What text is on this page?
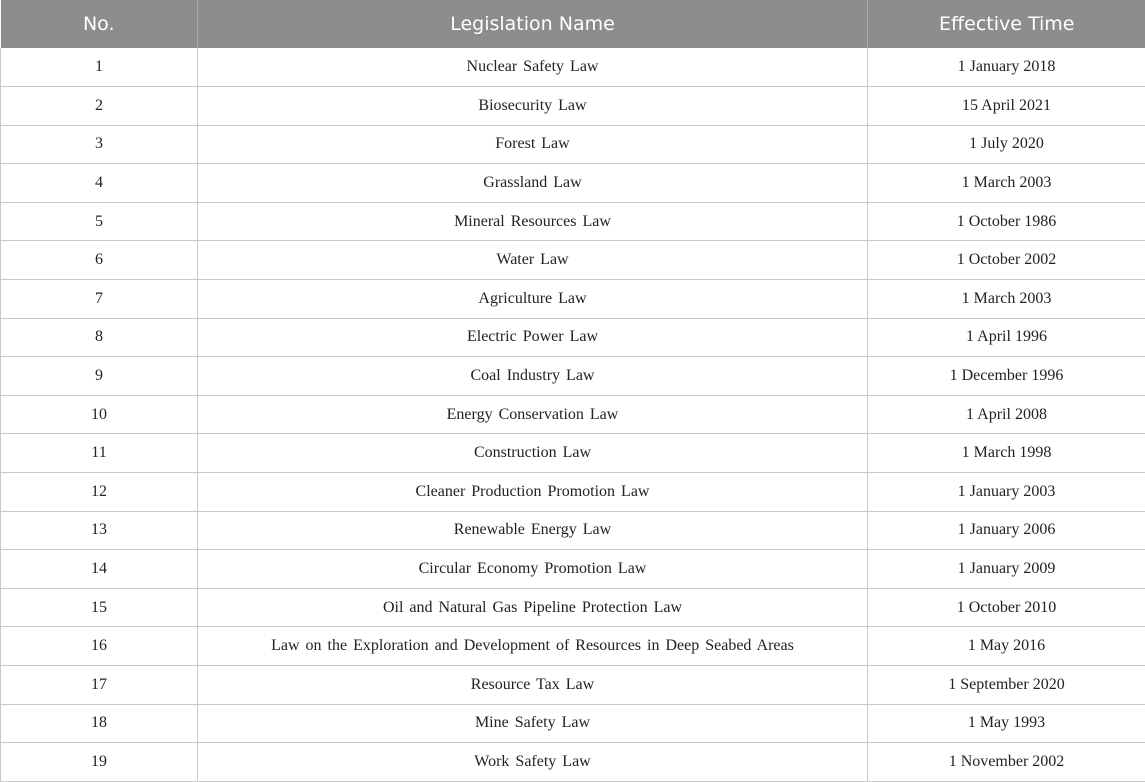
No.	Legislation Name	Effective Time
1	Nuclear Safety Law	1 January 2018
2	Biosecurity Law	15 April 2021
3	Forest Law	1 July 2020
4	Grassland Law	1 March 2003
5	Mineral Resources Law	1 October 1986
6	Water Law	1 October 2002
7	Agriculture Law	1 March 2003
8	Electric Power Law	1 April 1996
9	Coal Industry Law	1 December 1996
10	Energy Conservation Law	1 April 2008
11	Construction Law	1 March 1998
12	Cleaner Production Promotion Law	1 January 2003
13	Renewable Energy Law	1 January 2006
14	Circular Economy Promotion Law	1 January 2009
15	Oil and Natural Gas Pipeline Protection Law	1 October 2010
16	Law on the Exploration and Development of Resources in Deep Seabed Areas	1 May 2016
17	Resource Tax Law	1 September 2020
18	Mine Safety Law	1 May 1993
19	Work Safety Law	1 November 2002
